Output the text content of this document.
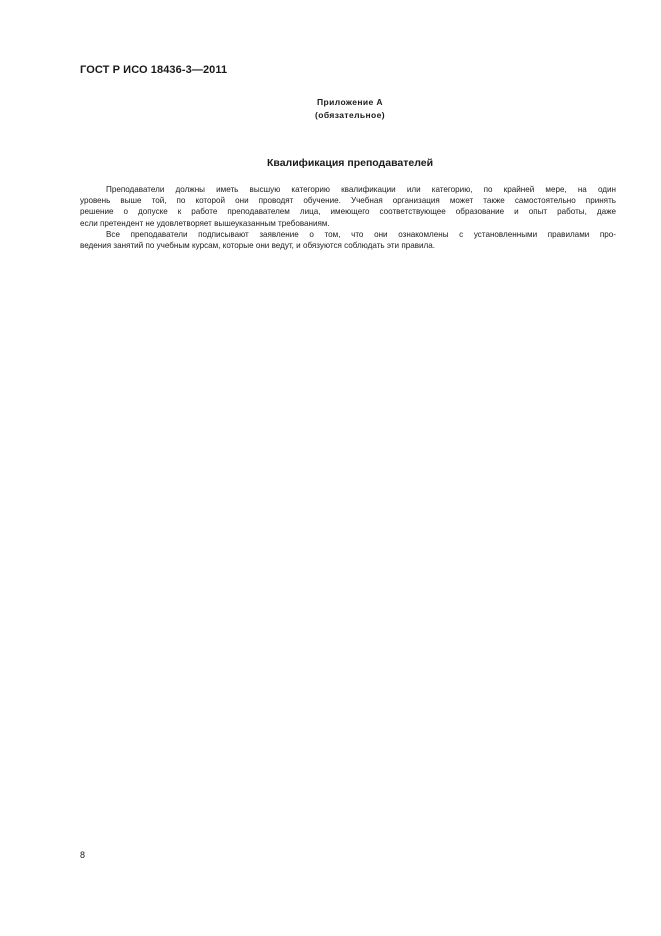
ГОСТ Р ИСО 18436-3—2011
Приложение А
(обязательное)
Квалификация преподавателей
Преподаватели должны иметь высшую категорию квалификации или категорию, по крайней мере, на один
уровень выше той, по которой они проводят обучение. Учебная организация может также самостоятельно принять
решение о допуске к работе преподавателем лица, имеющего соответствующее образование и опыт работы, даже
если претендент не удовлетворяет вышеуказанным требованиям.
Все преподаватели подписывают заявление о том, что они ознакомлены с установленными правилами про-
ведения занятий по учебным курсам, которые они ведут, и обязуются соблюдать эти правила.
8
